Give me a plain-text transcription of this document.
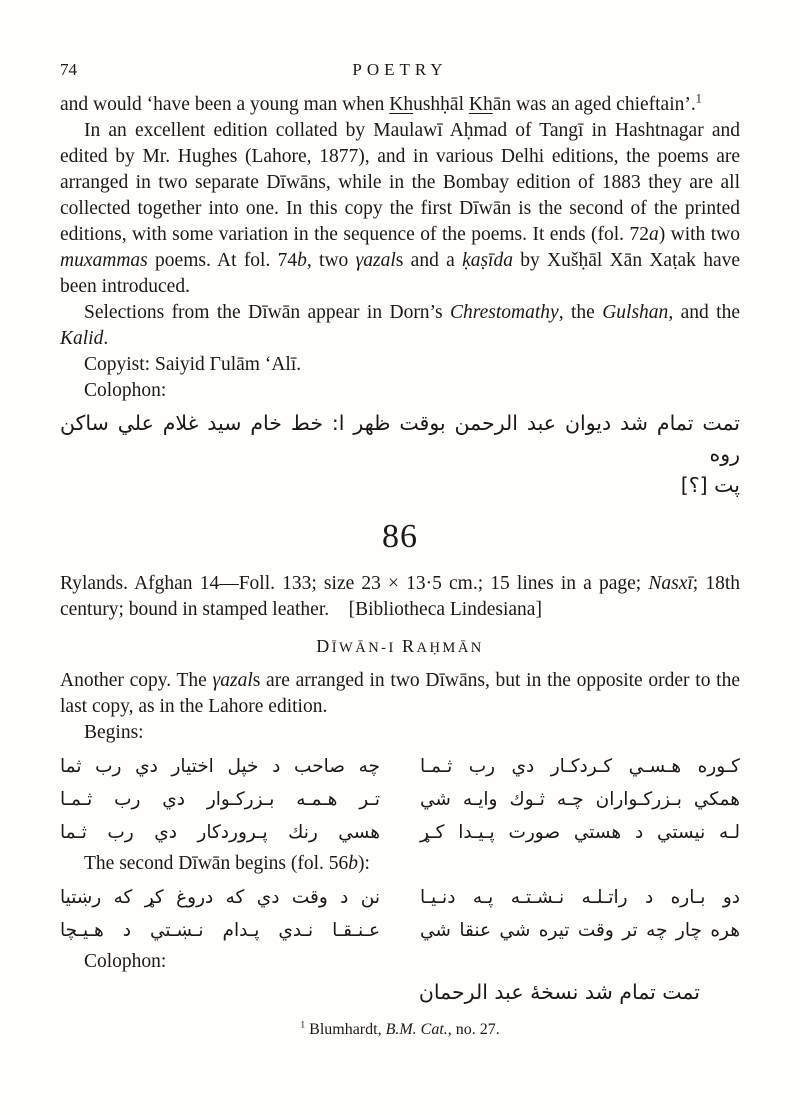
74	POETRY

and would ‘have been a young man when Khushḥāl Khān was an aged chieftain’.$^1$

In an excellent edition collated by Maulawī Aḥmad of Tangī in Hashtnagar and edited by Mr. Hughes (Lahore, 1877), and in various Delhi editions, the poems are arranged in two separate Dīwāns, while in the Bombay edition of 1883 they are all collected together into one. In this copy the first Dīwān is the second of the printed editions, with some variation in the sequence of the poems. It ends (fol. 72a) with two muxammas poems. At fol. 74b, two γazals and a ḳaṣīda by Xušḥāl Xān Xaṭak have been introduced.

Selections from the Dīwān appear in Dorn’s Chrestomathy, the Gulshan, and the Kalid.

Copyist: Saiyid Γulām ‘Alī.

Colophon:

تمت تمام شد ديوان عبد الرحمن بوقت ظهر ا: خط خام سيد غلام علي ساكن روه
پت [؟]
86

Rylands. Afghan 14—Foll. 133; size 23 × 13·5 cm.; 15 lines in a page; Nasxī; 18th century; bound in stamped leather.  [Bibliotheca Lindesiana]

DĪWĀN-I RAḤMĀN

Another copy. The γazals are arranged in two Dīwāns, but in the opposite order to the last copy, as in the Lahore edition.

Begins:

چه صاحب د خپل اختيار دي رب ثما كـوره هـسـي كـردكـار دي رب ثـمـا
تـر هـمـه بـزركـوار دي رب ثـمـا همكي بـزركـواران چـه ثـوك وايـه شي
هسي رنك پـروردكار دي رب ثـما لـه نيستي د هستي صورت پـيـدا كـړ

The second Dīwān begins (fol. 56b):

نن د وقت دي كه دروغ كړ كه رښتيا دو بـاره د راتـلـه نـشـتـه پـه دنـيـا
عـنـقـا نـدي پـدام نـښـتي د هـيـچا هره چار چه تر وقت تيره شي عنقا شي

Colophon:

تمت تمام شد نسخهٔ عبد الرحمان
$^1$ Blumhardt, B.M. Cat., no. 27.
